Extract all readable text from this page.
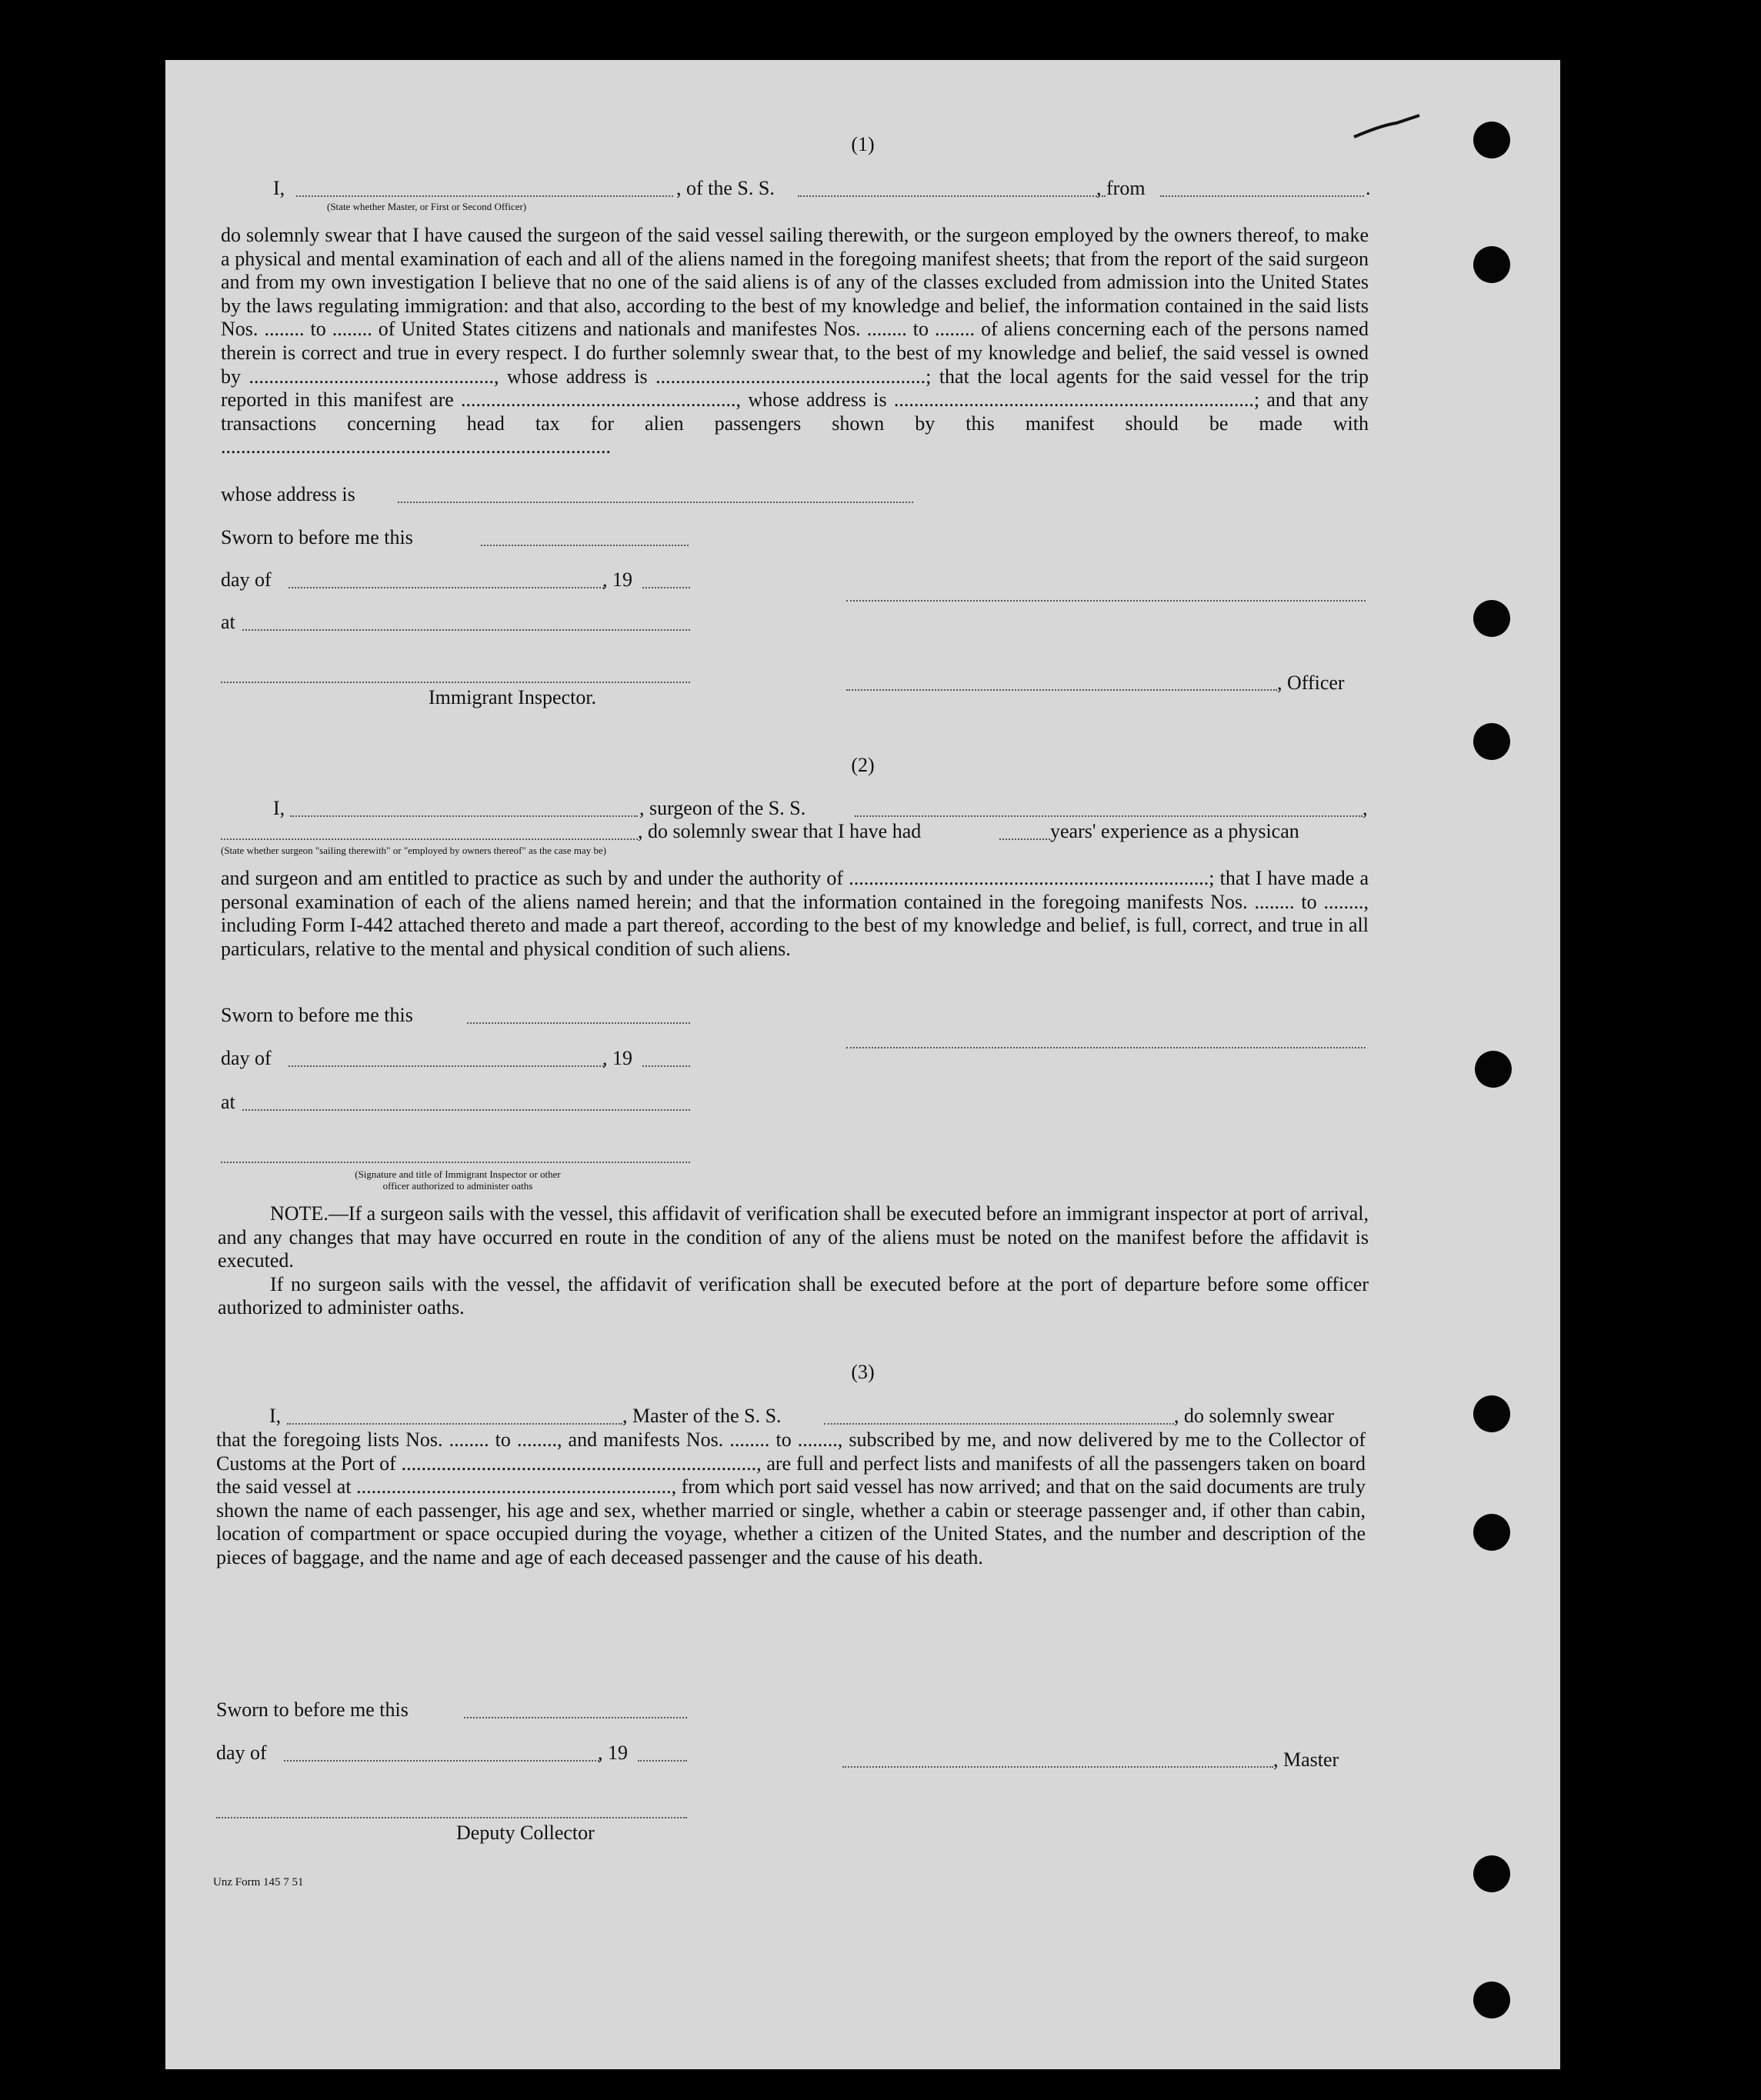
(1)
I,	, of the S. S.	, from	.
(State whether Master, or First or Second Officer)
do solemnly swear that I have caused the surgeon of the said vessel sailing therewith, or the surgeon employed by the owners thereof, to make a physical and mental examination of each and all of the aliens named in the foregoing manifest sheets; that from the report of the said surgeon and from my own investigation I believe that no one of the said aliens is of any of the classes excluded from admission into the United States by the laws regulating immigration: and that also, according to the best of my knowledge and belief, the information contained in the said lists Nos. ........ to ........ of United States citizens and nationals and manifestes Nos. ........ to ........ of aliens concerning each of the persons named therein is correct and true in every respect. I do further solemnly swear that, to the best of my knowledge and belief, the said vessel is owned by ................................................., whose address is ......................................................; that the local agents for the said vessel for the trip reported in this manifest are ......................................................., whose address is ........................................................................; and that any transactions concerning head tax for alien passengers shown by this manifest should be made with ..............................................................................
whose address is
Sworn to before me this
day of	, 19
at
, Officer
Immigrant Inspector.
(2)
I,	, surgeon of the S. S.	,
, do solemnly swear that I have had	years' experience as a physican
(State whether surgeon "sailing therewith" or "employed by owners thereof" as the case may be)
and surgeon and am entitled to practice as such by and under the authority of ........................................................................; that I have made a personal examination of each of the aliens named herein; and that the information contained in the foregoing manifests Nos. ........ to ........, including Form I-442 attached thereto and made a part thereof, according to the best of my knowledge and belief, is full, correct, and true in all particulars, relative to the mental and physical condition of such aliens.
Sworn to before me this
day of	, 19
at
(Signature and title of Immigrant Inspector or other
officer authorized to administer oaths

NOTE.—If a surgeon sails with the vessel, this affidavit of verification shall be executed before an immigrant inspector at port of arrival, and any changes that may have occurred en route in the condition of any of the aliens must be noted on the manifest before the affidavit is executed.

If no surgeon sails with the vessel, the affidavit of verification shall be executed before at the port of departure before some officer authorized to administer oaths.

(3)
I,	, Master of the S. S.	, do solemnly swear
that the foregoing lists Nos. ........ to ........, and manifests Nos. ........ to ........, subscribed by me, and now delivered by me to the Collector of Customs at the Port of ......................................................................., are full and perfect lists and manifests of all the passengers taken on board the said vessel at ..............................................................., from which port said vessel has now arrived; and that on the said documents are truly shown the name of each passenger, his age and sex, whether married or single, whether a cabin or steerage passenger and, if other than cabin, location of compartment or space occupied during the voyage, whether a citizen of the United States, and the number and description of the pieces of baggage, and the name and age of each deceased passenger and the cause of his death.
Sworn to before me this
day of	, 19	, Master
Deputy Collector
Unz Form 145 7 51
